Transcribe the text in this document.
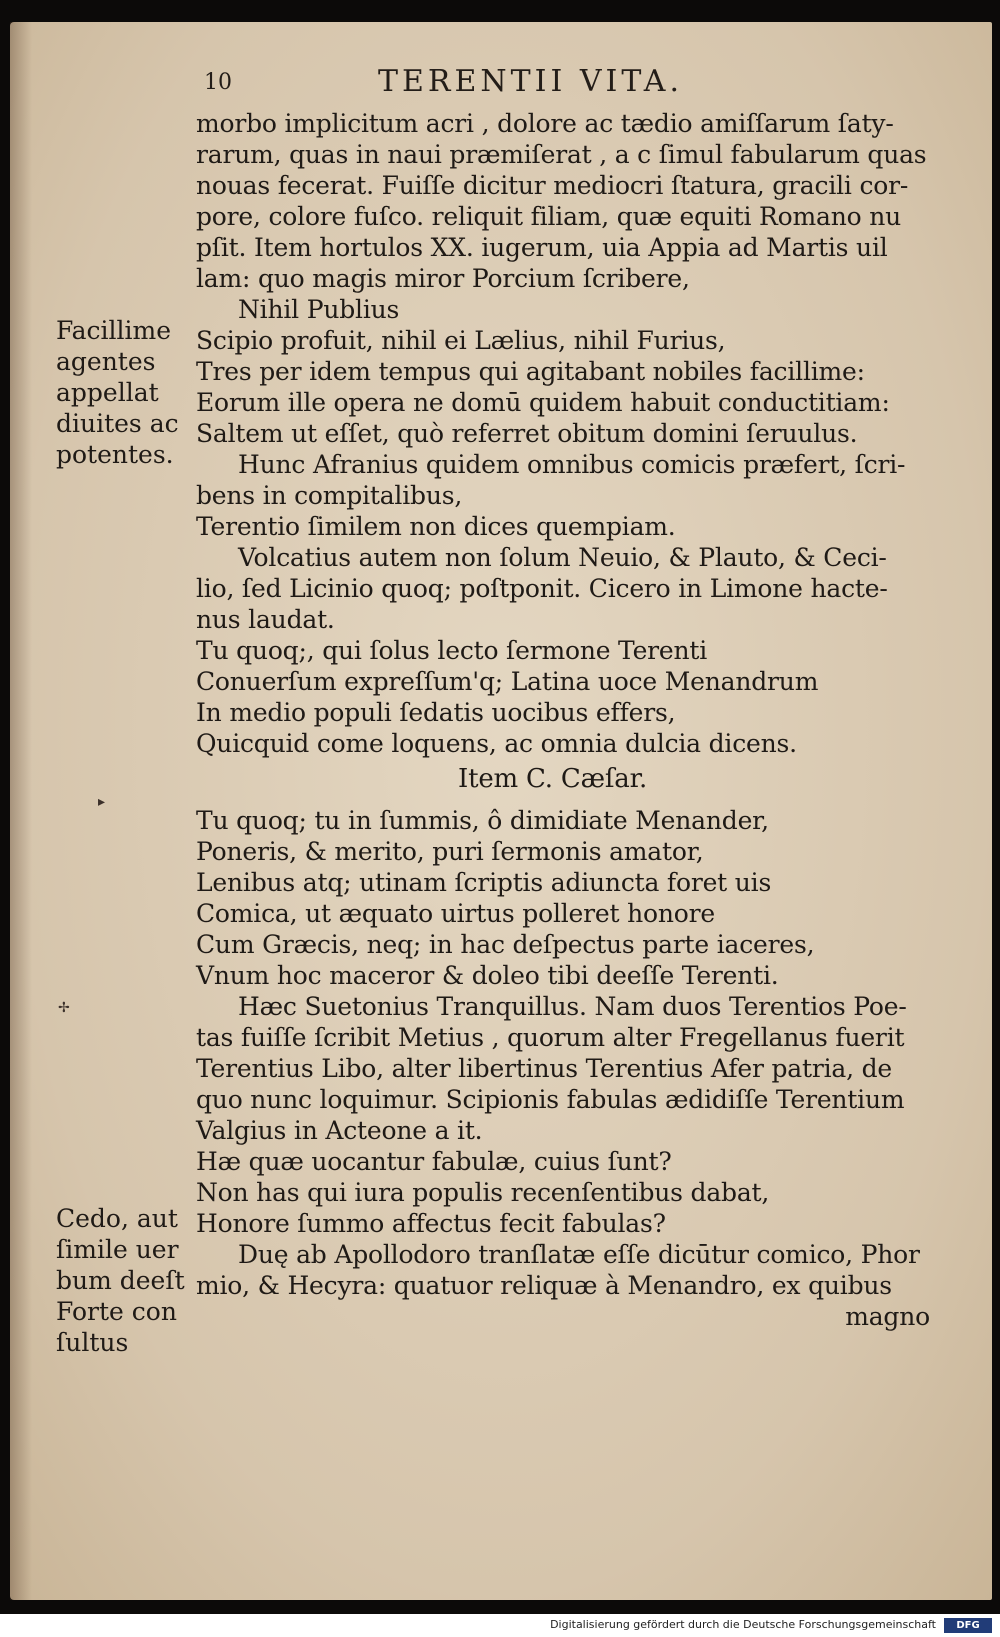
10	TERENTII VITA.
morbo implicitum acri , dolore ac tædio amiſſarum ſaty-
rarum, quas in naui præmiſerat , a c ſimul fabularum quas
nouas fecerat. Fuiſſe dicitur mediocri ſtatura, gracili cor-
pore, colore fuſco. reliquit filiam, quæ equiti Romano nu
pſit. Item hortulos XX. iugerum, uia Appia ad Martis uil
lam: quo magis miror Porcium ſcribere,
Nihil Publius
Scipio profuit, nihil ei Lælius, nihil Furius,
Tres per idem tempus qui agitabant nobiles facillime:
Eorum ille opera ne domū quidem habuit conductitiam:
Saltem ut eſſet, quò referret obitum domini ſeruulus.
Hunc Afranius quidem omnibus comicis præfert, ſcri-
bens in compitalibus,
Terentio ſimilem non dices quempiam.
Volcatius autem non ſolum Neuio, & Plauto, & Ceci-
lio, ſed Licinio quoq; poſtponit. Cicero in Limone hacte-
nus laudat.
Tu quoq;, qui ſolus lecto ſermone Terenti
Conuerſum expreſſum'q; Latina uoce Menandrum
In medio populi ſedatis uocibus effers,
Quicquid come loquens, ac omnia dulcia dicens.
Item C. Cæſar.
Tu quoq; tu in ſummis, ô dimidiate Menander,
Poneris, & merito, puri ſermonis amator,
Lenibus atq; utinam ſcriptis adiuncta foret uis
Comica, ut æquato uirtus polleret honore
Cum Græcis, neq; in hac deſpectus parte iaceres,
Vnum hoc maceror & doleo tibi deeſſe Terenti.
Hæc Suetonius Tranquillus. Nam duos Terentios Poe-
tas fuiſſe ſcribit Metius , quorum alter Fregellanus fuerit
Terentius Libo, alter libertinus Terentius Afer patria, de
quo nunc loquimur. Scipionis fabulas ædidiſſe Terentium
Valgius in Acteone a it.
Hæ quæ uocantur fabulæ, cuius ſunt?
Non has qui iura populis recenſentibus dabat,
Honore ſummo affectus fecit fabulas?
Duę ab Apollodoro tranſlatæ eſſe dicūtur comico, Phor
mio, & Hecyra: quatuor reliquæ à Menandro, ex quibus
magno
Facillime
agentes
appellat
diuites ac
potentes.
Cedo, aut
ſimile uer
bum deeſt
Forte con
ſultus
▸
✢
Digitalisierung gefördert durch die Deutsche Forschungsgemeinschaft	DFG
